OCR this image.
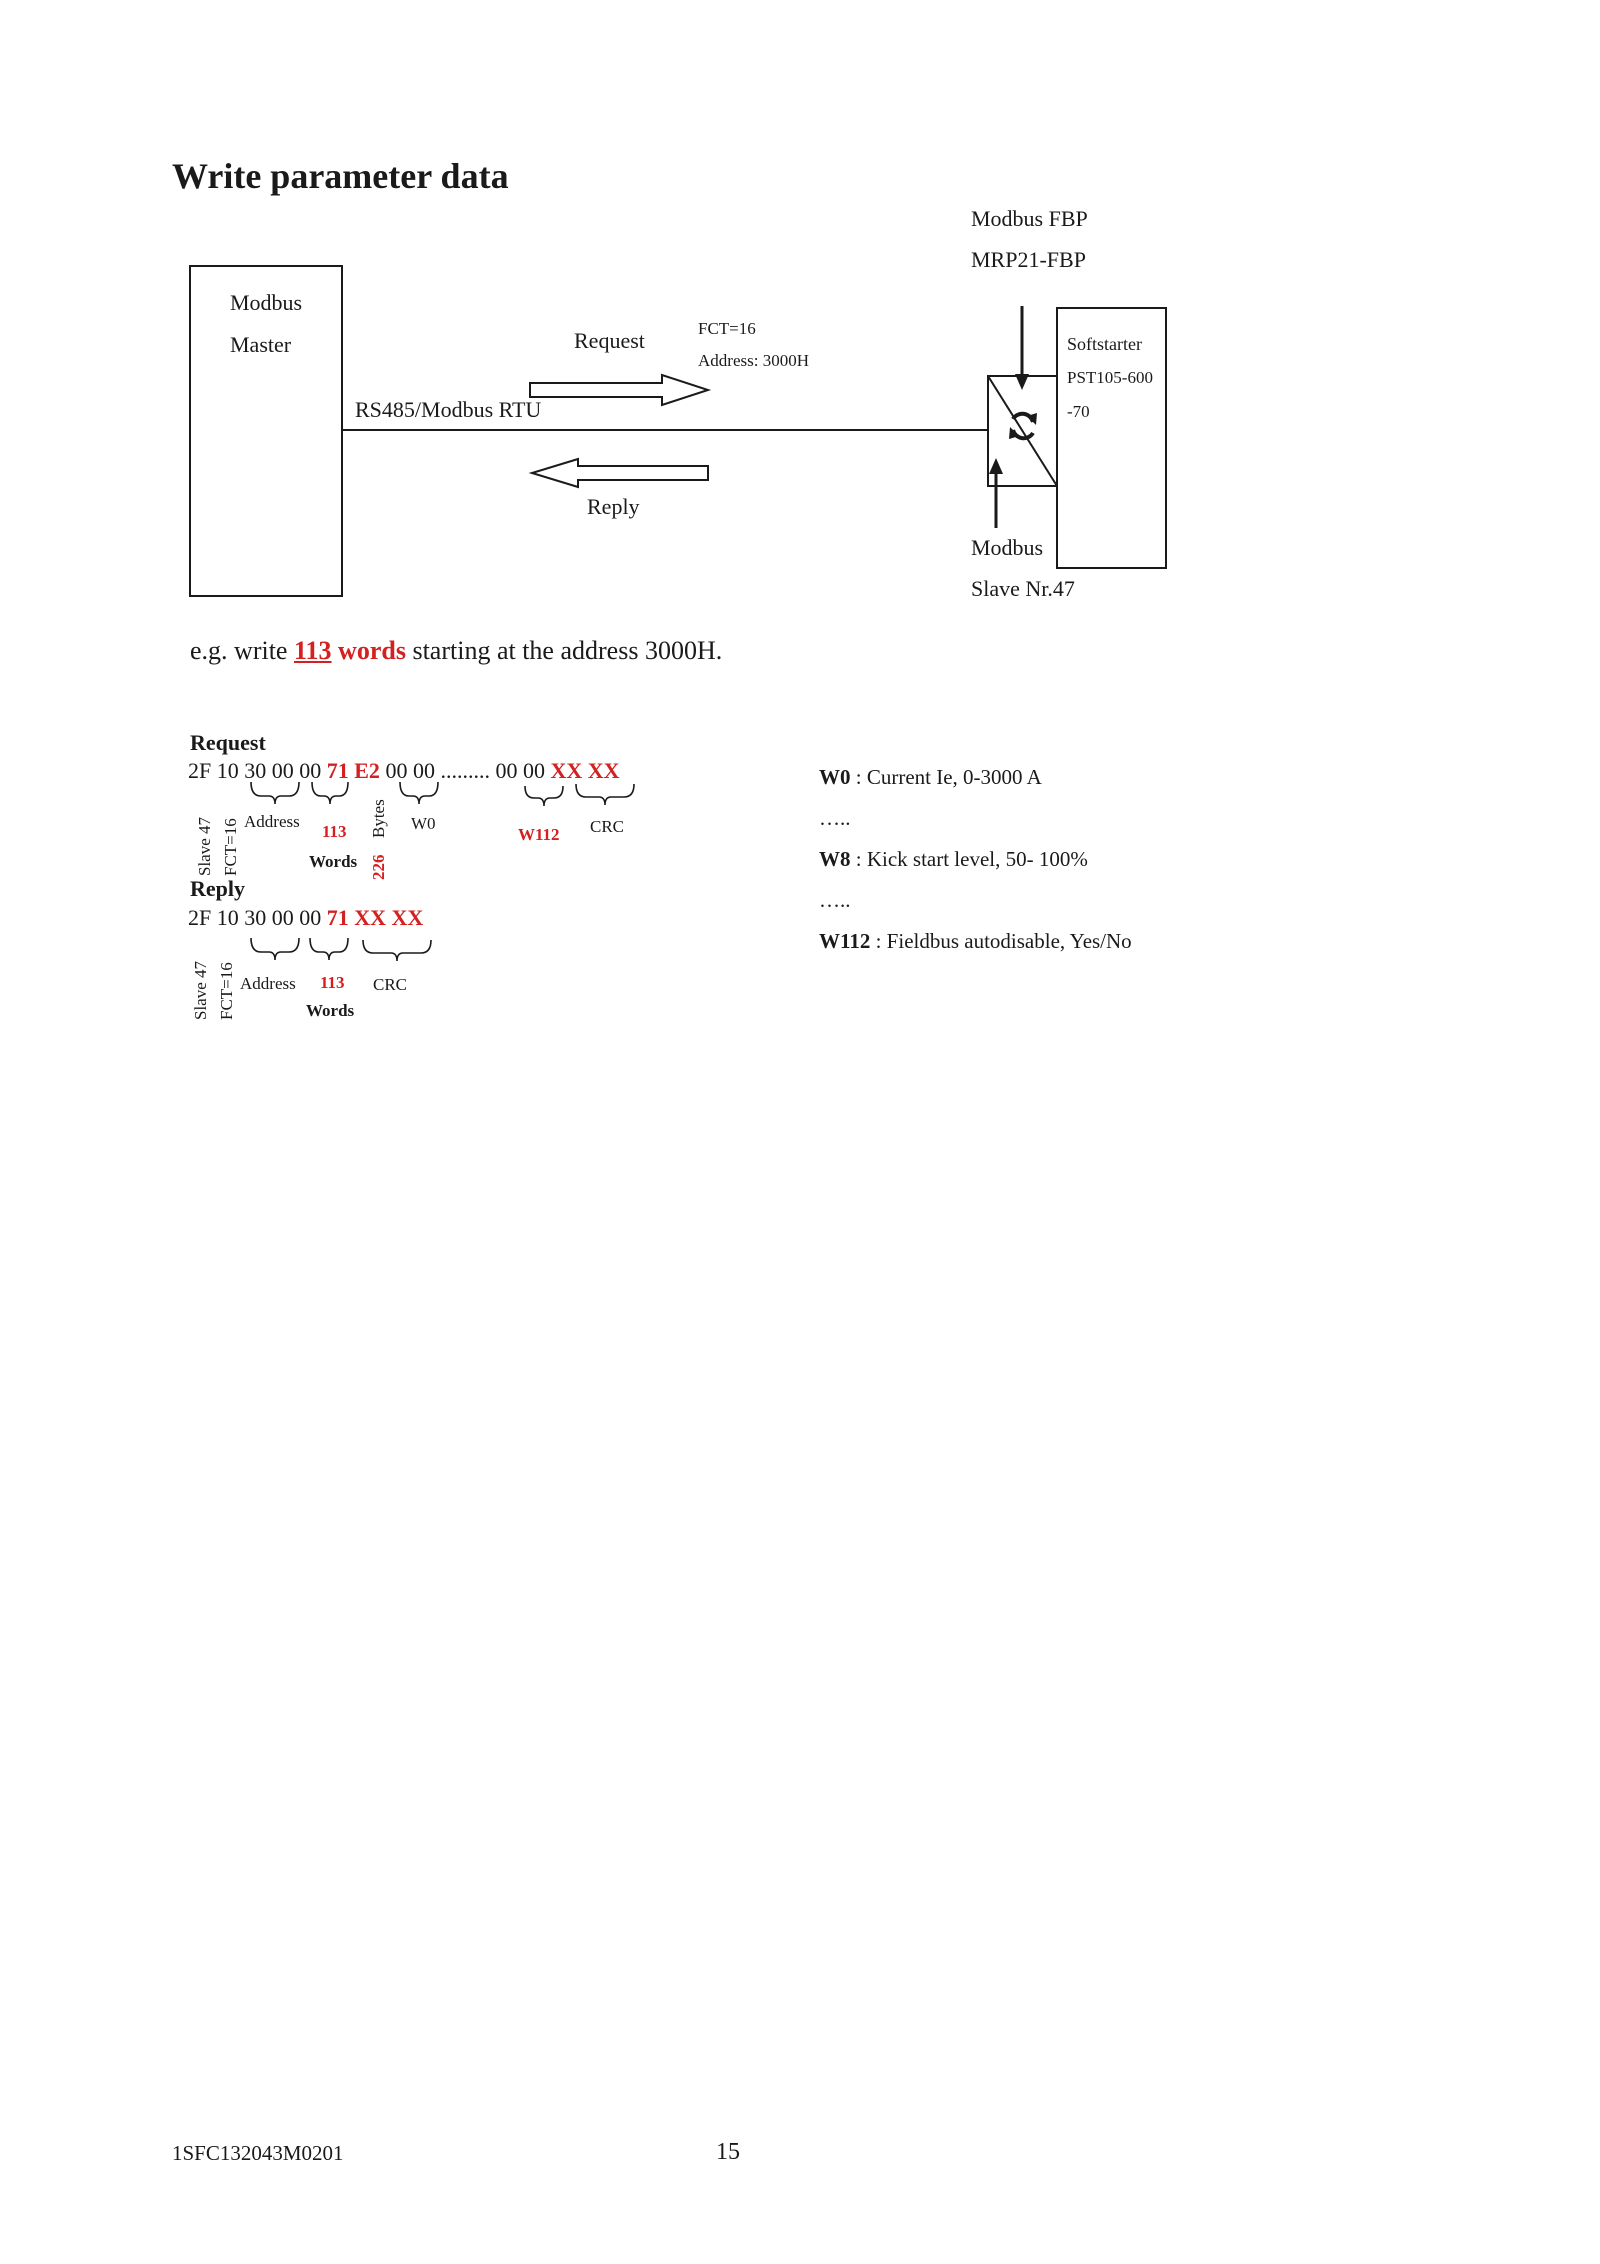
Write parameter data
Modbus
Master
RS485/Modbus RTU
Request
Reply
FCT=16
Address: 3000H
Modbus FBP
MRP21-FBP
Softstarter
PST105-600
-70
Modbus
Slave Nr.47
e.g. write 113 words starting at the address 3000H.
Request
2F 10 30 00 00 71 E2 00 00 ......... 00 00 XX XX
Slave 47 FCT=16 Address
113
Words
Bytes
226
W0
W112 CRC
Reply
2F 10 30 00 00 71 XX XX
Slave 47 FCT=16 Address 113 CRC
Words
W0 : Current Ie, 0-3000 A
…..
W8 : Kick start level, 50- 100%
…..
W112 : Fieldbus autodisable, Yes/No
1SFC132043M0201	15
